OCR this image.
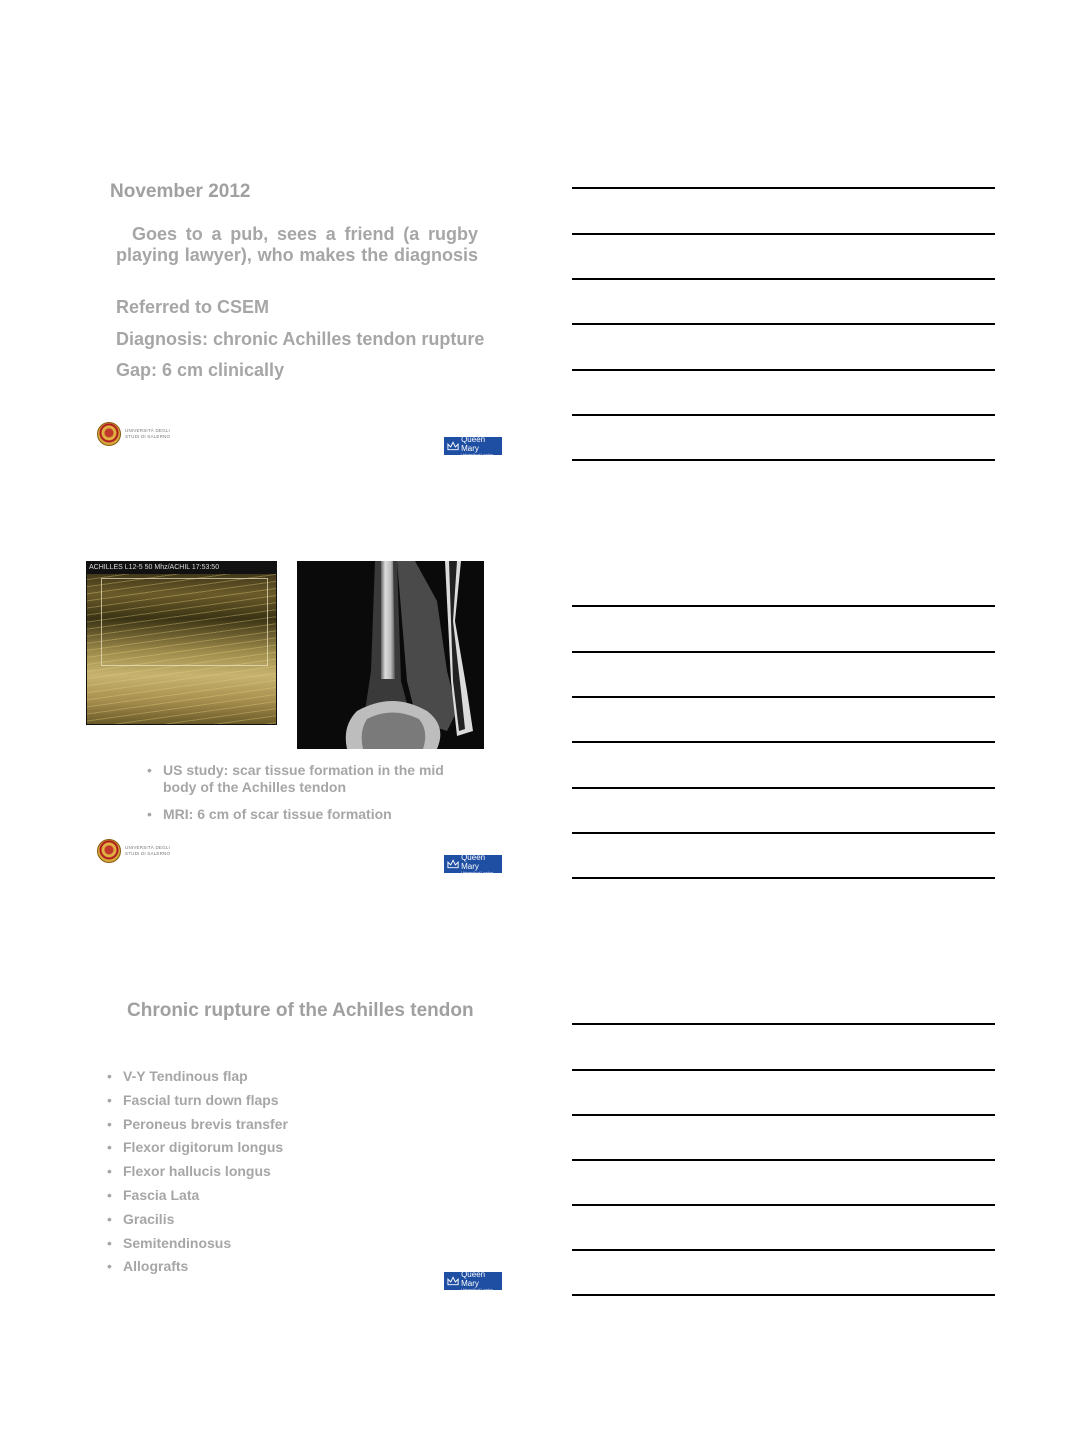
November 2012
Goes to a pub, sees a friend (a rugby playing lawyer), who makes the diagnosis
Referred to CSEM
Diagnosis: chronic Achilles tendon rupture
Gap: 6 cm clinically
UNIVERSITÀ DEGLI
STUDI DI SALERNO	Queen Mary
University of London
ACHILLES L12-5 50 Mhz/ACHIL 17:53:50
• US study: scar tissue formation in the mid body of the Achilles tendon
• MRI: 6 cm of scar tissue formation
UNIVERSITÀ DEGLI
STUDI DI SALERNO	Queen Mary
University of London
Chronic rupture of the Achilles tendon
• V-Y Tendinous flap
• Fascial turn down flaps
• Peroneus brevis transfer
• Flexor digitorum longus
• Flexor hallucis longus
• Fascia Lata
• Gracilis
• Semitendinosus
• Allografts
Queen Mary
University of London
